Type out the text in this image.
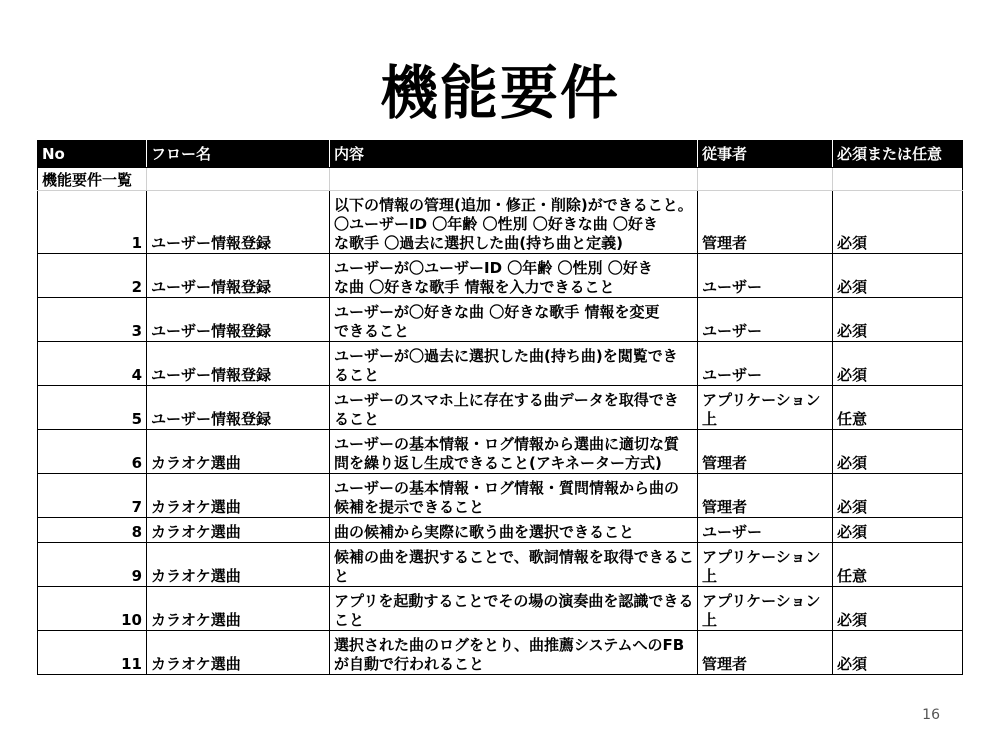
機能要件
機能要件一覧				
No	フロー名	内容	従事者	必須または任意
1	ユーザー情報登録	以下の情報の管理(追加・修正・削除)ができること。
〇ユーザーID 〇年齢 〇性別 〇好きな曲 〇好き
な歌手 〇過去に選択した曲(持ち曲と定義)	管理者	必須
2	ユーザー情報登録	ユーザーが〇ユーザーID 〇年齢 〇性別 〇好き
な曲 〇好きな歌手 情報を入力できること	ユーザー	必須
3	ユーザー情報登録	ユーザーが〇好きな曲 〇好きな歌手 情報を変更
できること	ユーザー	必須
4	ユーザー情報登録	ユーザーが〇過去に選択した曲(持ち曲)を閲覧でき
ること	ユーザー	必須
5	ユーザー情報登録	ユーザーのスマホ上に存在する曲データを取得でき
ること	アプリケーション上	任意
6	カラオケ選曲	ユーザーの基本情報・ログ情報から選曲に適切な質
問を繰り返し生成できること(アキネーター方式)	管理者	必須
7	カラオケ選曲	ユーザーの基本情報・ログ情報・質問情報から曲の
候補を提示できること	管理者	必須
8	カラオケ選曲	曲の候補から実際に歌う曲を選択できること	ユーザー	必須
9	カラオケ選曲	候補の曲を選択することで、歌詞情報を取得できるこ
と	アプリケーション上	任意
10	カラオケ選曲	アプリを起動することでその場の演奏曲を認識できる
こと	アプリケーション上	必須
11	カラオケ選曲	選択された曲のログをとり、曲推薦システムへのFB
が自動で行われること	管理者	必須
16
